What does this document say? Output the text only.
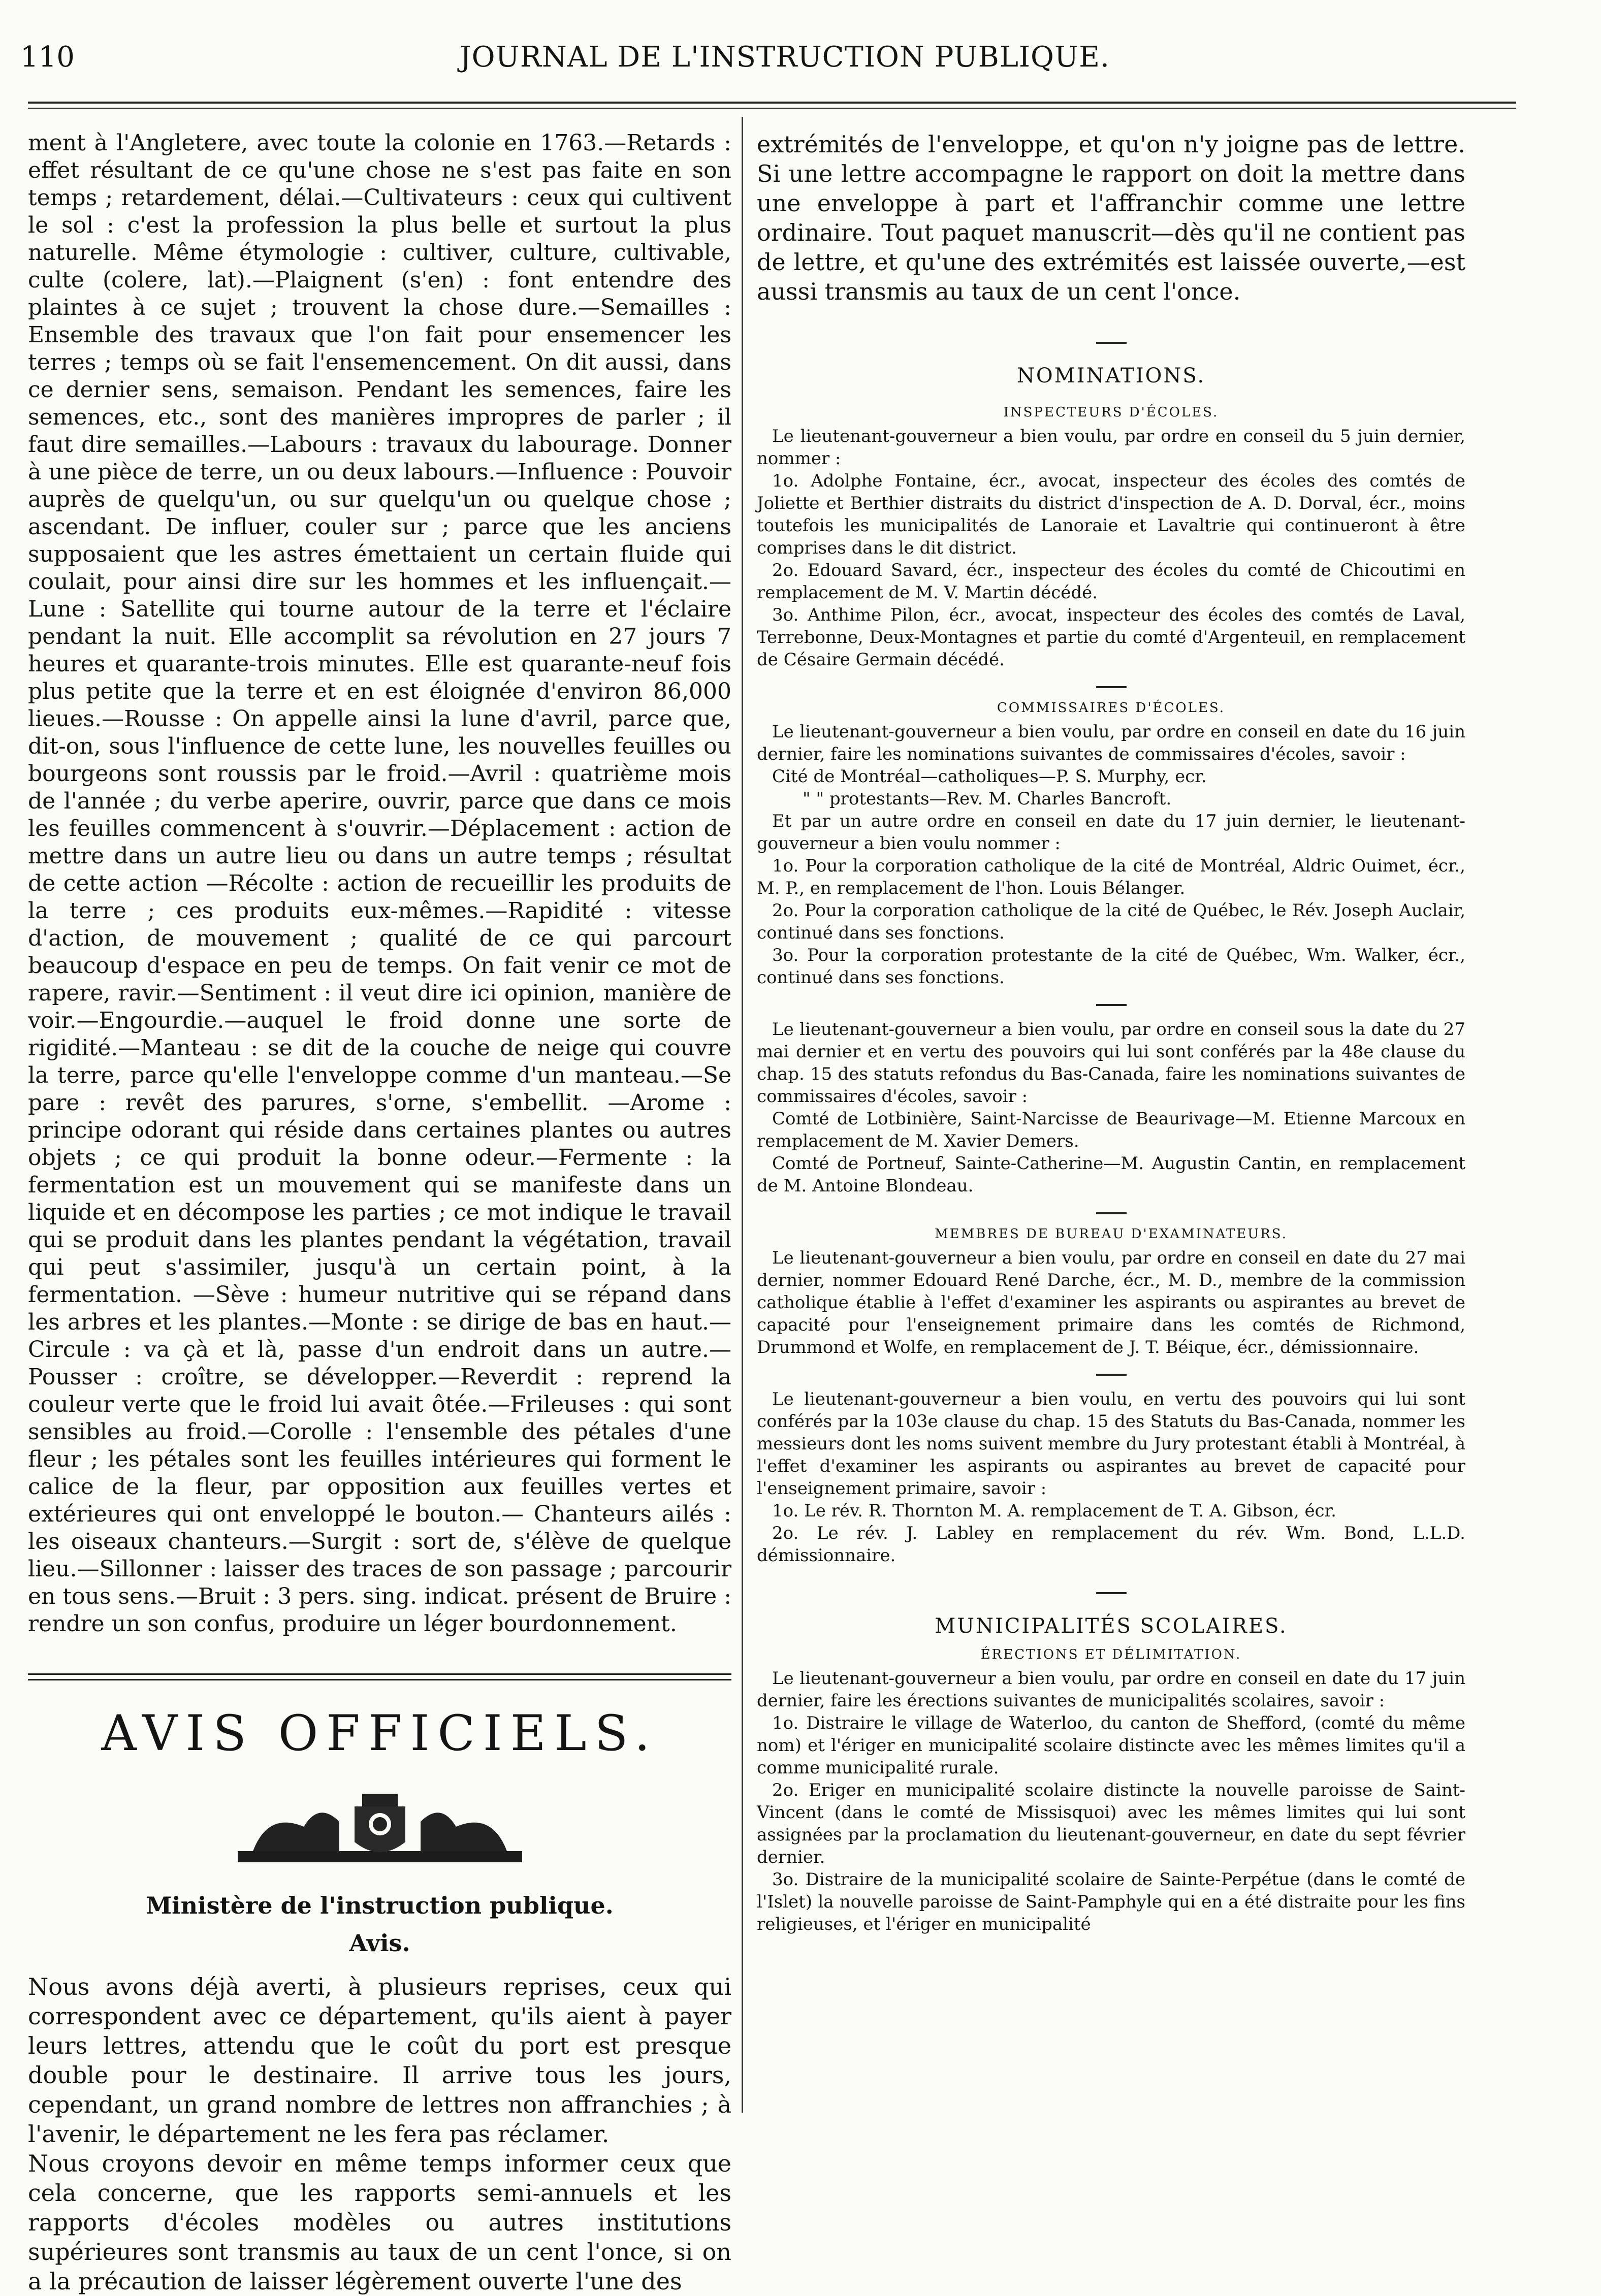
110	JOURNAL DE L'INSTRUCTION PUBLIQUE.

ment à l'Angletere, avec toute la colonie en 1763.—Retards : effet résultant de ce qu'une chose ne s'est pas faite en son temps ; retardement, délai.—Cultivateurs : ceux qui cultivent le sol : c'est la profession la plus belle et surtout la plus naturelle. Même étymologie : cultiver, culture, cultivable, culte (colere, lat).—Plaignent (s'en) : font entendre des plaintes à ce sujet ; trouvent la chose dure.—Semailles : Ensemble des travaux que l'on fait pour ensemencer les terres ; temps où se fait l'ensemencement. On dit aussi, dans ce dernier sens, semaison. Pendant les semences, faire les semences, etc., sont des manières impropres de parler ; il faut dire semailles.—Labours : travaux du labourage. Donner à une pièce de terre, un ou deux labours.—Influence : Pouvoir auprès de quelqu'un, ou sur quelqu'un ou quelque chose ; ascendant. De influer, couler sur ; parce que les anciens supposaient que les astres émettaient un certain fluide qui coulait, pour ainsi dire sur les hommes et les influençait.—Lune : Satellite qui tourne autour de la terre et l'éclaire pendant la nuit. Elle accomplit sa révolution en 27 jours 7 heures et quarante-trois minutes. Elle est quarante-neuf fois plus petite que la terre et en est éloignée d'environ 86,000 lieues.—Rousse : On appelle ainsi la lune d'avril, parce que, dit-on, sous l'influence de cette lune, les nouvelles feuilles ou bourgeons sont roussis par le froid.—Avril : quatrième mois de l'année ; du verbe aperire, ouvrir, parce que dans ce mois les feuilles commencent à s'ouvrir.—Déplacement : action de mettre dans un autre lieu ou dans un autre temps ; résultat de cette action —Récolte : action de recueillir les produits de la terre ; ces produits eux-mêmes.—Rapidité : vitesse d'action, de mouvement ; qualité de ce qui parcourt beaucoup d'espace en peu de temps. On fait venir ce mot de rapere, ravir.—Sentiment : il veut dire ici opinion, manière de voir.—Engourdie.—auquel le froid donne une sorte de rigidité.—Manteau : se dit de la couche de neige qui couvre la terre, parce qu'elle l'enveloppe comme d'un manteau.—Se pare : revêt des parures, s'orne, s'embellit. —Arome : principe odorant qui réside dans certaines plantes ou autres objets ; ce qui produit la bonne odeur.—Fermente : la fermentation est un mouvement qui se manifeste dans un liquide et en décompose les parties ; ce mot indique le travail qui se produit dans les plantes pendant la végétation, travail qui peut s'assimiler, jusqu'à un certain point, à la fermentation. —Sève : humeur nutritive qui se répand dans les arbres et les plantes.—Monte : se dirige de bas en haut.—Circule : va çà et là, passe d'un endroit dans un autre.—Pousser : croître, se développer.—Reverdit : reprend la couleur verte que le froid lui avait ôtée.—Frileuses : qui sont sensibles au froid.—Corolle : l'ensemble des pétales d'une fleur ; les pétales sont les feuilles intérieures qui forment le calice de la fleur, par opposition aux feuilles vertes et extérieures qui ont enveloppé le bouton.— Chanteurs ailés : les oiseaux chanteurs.—Surgit : sort de, s'élève de quelque lieu.—Sillonner : laisser des traces de son passage ; parcourir en tous sens.—Bruit : 3 pers. sing. indicat. présent de Bruire : rendre un son confus, produire un léger bourdonnement.

AVIS OFFICIELS.
Ministère de l'instruction publique.
Avis.

Nous avons déjà averti, à plusieurs reprises, ceux qui correspondent avec ce département, qu'ils aient à payer leurs lettres, attendu que le coût du port est presque double pour le destinaire. Il arrive tous les jours, cependant, un grand nombre de lettres non affranchies ; à l'avenir, le département ne les fera pas réclamer.

Nous croyons devoir en même temps informer ceux que cela concerne, que les rapports semi-annuels et les rapports d'écoles modèles ou autres institutions supérieures sont transmis au taux de un cent l'once, si on a la précaution de laisser légèrement ouverte l'une des

extrémités de l'enveloppe, et qu'on n'y joigne pas de lettre. Si une lettre accompagne le rapport on doit la mettre dans une enveloppe à part et l'affranchir comme une lettre ordinaire. Tout paquet manuscrit—dès qu'il ne contient pas de lettre, et qu'une des extrémités est laissée ouverte,—est aussi transmis au taux de un cent l'once.

NOMINATIONS.
INSPECTEURS D'ÉCOLES.

Le lieutenant-gouverneur a bien voulu, par ordre en conseil du 5 juin dernier, nommer :

1o. Adolphe Fontaine, écr., avocat, inspecteur des écoles des comtés de Joliette et Berthier distraits du district d'inspection de A. D. Dorval, écr., moins toutefois les municipalités de Lanoraie et Lavaltrie qui continueront à être comprises dans le dit district.

2o. Edouard Savard, écr., inspecteur des écoles du comté de Chicoutimi en remplacement de M. V. Martin décédé.

3o. Anthime Pilon, écr., avocat, inspecteur des écoles des comtés de Laval, Terrebonne, Deux-Montagnes et partie du comté d'Argenteuil, en remplacement de Césaire Germain décédé.

COMMISSAIRES D'ÉCOLES.

Le lieutenant-gouverneur a bien voulu, par ordre en conseil en date du 16 juin dernier, faire les nominations suivantes de commissaires d'écoles, savoir :

Cité de Montréal—catholiques—P. S. Murphy, ecr.

" " protestants—Rev. M. Charles Bancroft.

Et par un autre ordre en conseil en date du 17 juin dernier, le lieutenant-gouverneur a bien voulu nommer :

1o. Pour la corporation catholique de la cité de Montréal, Aldric Ouimet, écr., M. P., en remplacement de l'hon. Louis Bélanger.

2o. Pour la corporation catholique de la cité de Québec, le Rév. Joseph Auclair, continué dans ses fonctions.

3o. Pour la corporation protestante de la cité de Québec, Wm. Walker, écr., continué dans ses fonctions.

Le lieutenant-gouverneur a bien voulu, par ordre en conseil sous la date du 27 mai dernier et en vertu des pouvoirs qui lui sont conférés par la 48e clause du chap. 15 des statuts refondus du Bas-Canada, faire les nominations suivantes de commissaires d'écoles, savoir :

Comté de Lotbinière, Saint-Narcisse de Beaurivage—M. Etienne Marcoux en remplacement de M. Xavier Demers.

Comté de Portneuf, Sainte-Catherine—M. Augustin Cantin, en remplacement de M. Antoine Blondeau.

MEMBRES DE BUREAU D'EXAMINATEURS.

Le lieutenant-gouverneur a bien voulu, par ordre en conseil en date du 27 mai dernier, nommer Edouard René Darche, écr., M. D., membre de la commission catholique établie à l'effet d'examiner les aspirants ou aspirantes au brevet de capacité pour l'enseignement primaire dans les comtés de Richmond, Drummond et Wolfe, en remplacement de J. T. Béique, écr., démissionnaire.

Le lieutenant-gouverneur a bien voulu, en vertu des pouvoirs qui lui sont conférés par la 103e clause du chap. 15 des Statuts du Bas-Canada, nommer les messieurs dont les noms suivent membre du Jury protestant établi à Montréal, à l'effet d'examiner les aspirants ou aspirantes au brevet de capacité pour l'enseignement primaire, savoir :

1o. Le rév. R. Thornton M. A. remplacement de T. A. Gibson, écr.

2o. Le rév. J. Labley en remplacement du rév. Wm. Bond, L.L.D. démissionnaire.

MUNICIPALITÉS SCOLAIRES.
ÉRECTIONS ET DÉLIMITATION.

Le lieutenant-gouverneur a bien voulu, par ordre en conseil en date du 17 juin dernier, faire les érections suivantes de municipalités scolaires, savoir :

1o. Distraire le village de Waterloo, du canton de Shefford, (comté du même nom) et l'ériger en municipalité scolaire distincte avec les mêmes limites qu'il a comme municipalité rurale.

2o. Eriger en municipalité scolaire distincte la nouvelle paroisse de Saint-Vincent (dans le comté de Missisquoi) avec les mêmes limites qui lui sont assignées par la proclamation du lieutenant-gouverneur, en date du sept février dernier.

3o. Distraire de la municipalité scolaire de Sainte-Perpétue (dans le comté de l'Islet) la nouvelle paroisse de Saint-Pamphyle qui en a été distraite pour les fins religieuses, et l'ériger en municipalité
